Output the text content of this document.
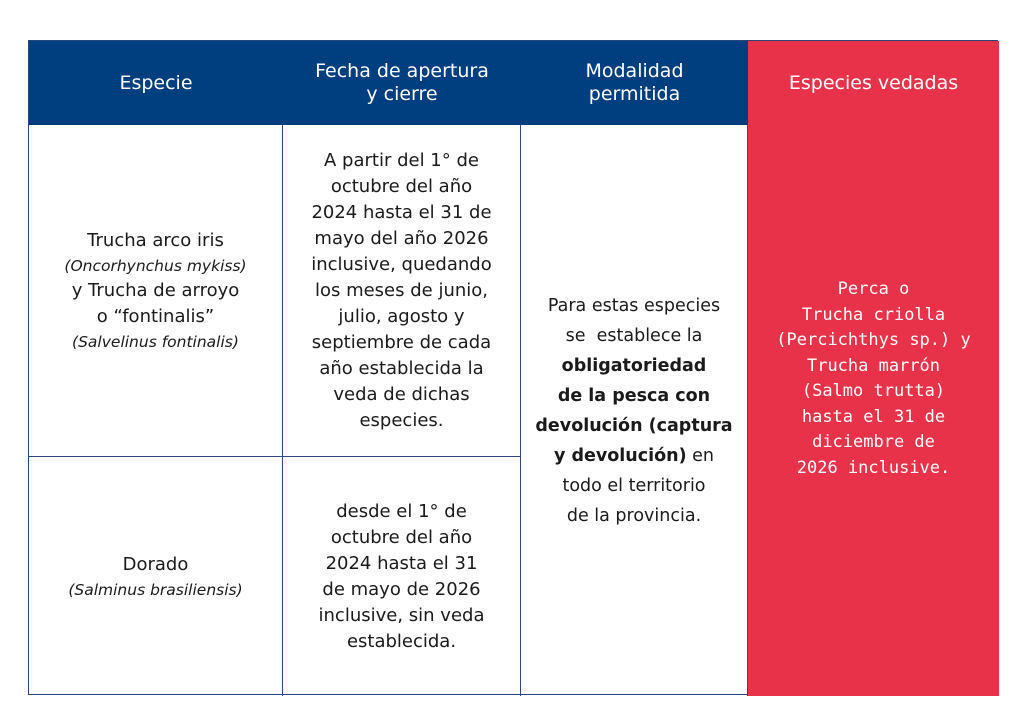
Especie
Fecha de apertura
y cierre
Modalidad
permitida
Especies vedadas
Trucha arco iris
(Oncorhynchus mykiss)
y Trucha de arroyo
o “fontinalis”
(Salvelinus fontinalis)
A partir del 1° de
octubre del año
2024 hasta el 31 de
mayo del año 2026
inclusive, quedando
los meses de junio,
julio, agosto y
septiembre de cada
año establecida la
veda de dichas
especies.
Para estas especies
se  establece la
obligatoriedad
de la pesca con
devolución (captura
y devolución) en
todo el territorio
de la provincia.
Perca o
Trucha criolla
(Percichthys sp.) y
Trucha marrón
(Salmo trutta)
hasta el 31 de
diciembre de
2026 inclusive.
Dorado
(Salminus brasiliensis)
desde el 1° de
octubre del año
2024 hasta el 31
de mayo de 2026
inclusive, sin veda
establecida.
